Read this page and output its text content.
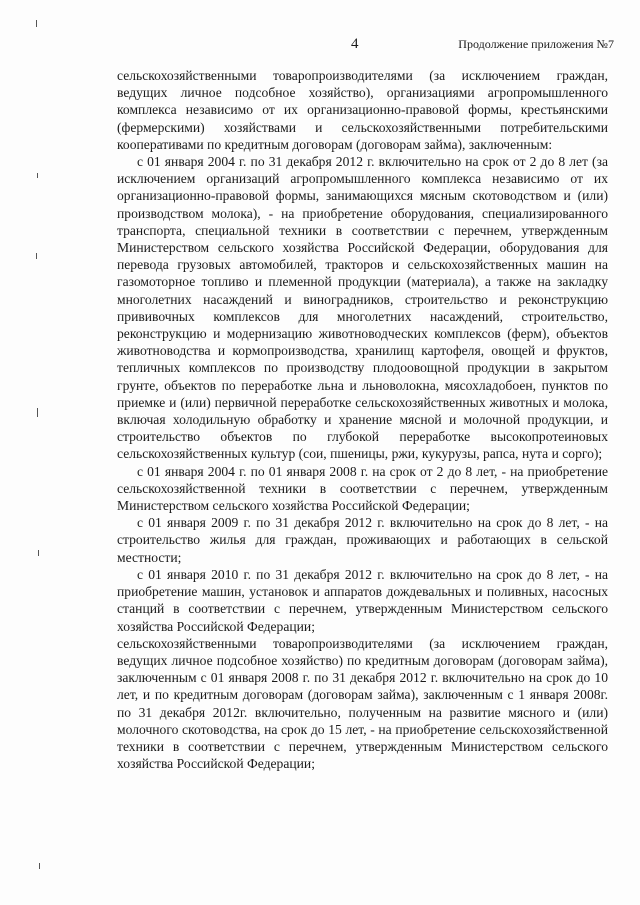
4	Продолжение приложения №7

сельскохозяйственными товаропроизводителями (за исключением граждан, ведущих личное подсобное хозяйство), организациями агропромышленного комплекса независимо от их организационно-правовой формы, крестьянскими (фермерскими) хозяйствами и сельскохозяйственными потребительскими кооперативами по кредитным договорам (договорам займа), заключенным:

с 01 января 2004 г. по 31 декабря 2012 г. включительно на срок от 2 до 8 лет (за исключением организаций агропромышленного комплекса независимо от их организационно-правовой формы, занимающихся мясным скотоводством и (или) производством молока), - на приобретение оборудования, специализированного транспорта, специальной техники в соответствии с перечнем, утвержденным Министерством сельского хозяйства Российской Федерации, оборудования для перевода грузовых автомобилей, тракторов и сельскохозяйственных машин на газомоторное топливо и племенной продукции (материала), а также на закладку многолетних насаждений и виноградников, строительство и реконструкцию прививочных комплексов для многолетних насаждений, строительство, реконструкцию и модернизацию животноводческих комплексов (ферм), объектов животноводства и кормопроизводства, хранилищ картофеля, овощей и фруктов, тепличных комплексов по производству плодоовощной продукции в закрытом грунте, объектов по переработке льна и льноволокна, мясохладобоен, пунктов по приемке и (или) первичной переработке сельскохозяйственных животных и молока, включая холодильную обработку и хранение мясной и молочной продукции, и строительство объектов по глубокой переработке высокопротеиновых сельскохозяйственных культур (сои, пшеницы, ржи, кукурузы, рапса, нута и сорго);

с 01 января 2004 г. по 01 января 2008 г. на срок от 2 до 8 лет, - на приобретение сельскохозяйственной техники в соответствии с перечнем, утвержденным Министерством сельского хозяйства Российской Федерации;

с 01 января 2009 г. по 31 декабря 2012 г. включительно на срок до 8 лет, - на строительство жилья для граждан, проживающих и работающих в сельской местности;

с 01 января 2010 г. по 31 декабря 2012 г. включительно на срок до 8 лет, - на приобретение машин, установок и аппаратов дождевальных и поливных, насосных станций в соответствии с перечнем, утвержденным Министерством сельского хозяйства Российской Федерации;

сельскохозяйственными товаропроизводителями (за исключением граждан, ведущих личное подсобное хозяйство) по кредитным договорам (договорам займа), заключенным с 01 января 2008 г. по 31 декабря 2012 г. включительно на срок до 10 лет, и по кредитным договорам (договорам займа), заключенным с 1 января 2008г. по 31 декабря 2012г. включительно, полученным на развитие мясного и (или) молочного скотоводства, на срок до 15 лет, - на приобретение сельскохозяйственной техники в соответствии с перечнем, утвержденным Министерством сельского хозяйства Российской Федерации;
